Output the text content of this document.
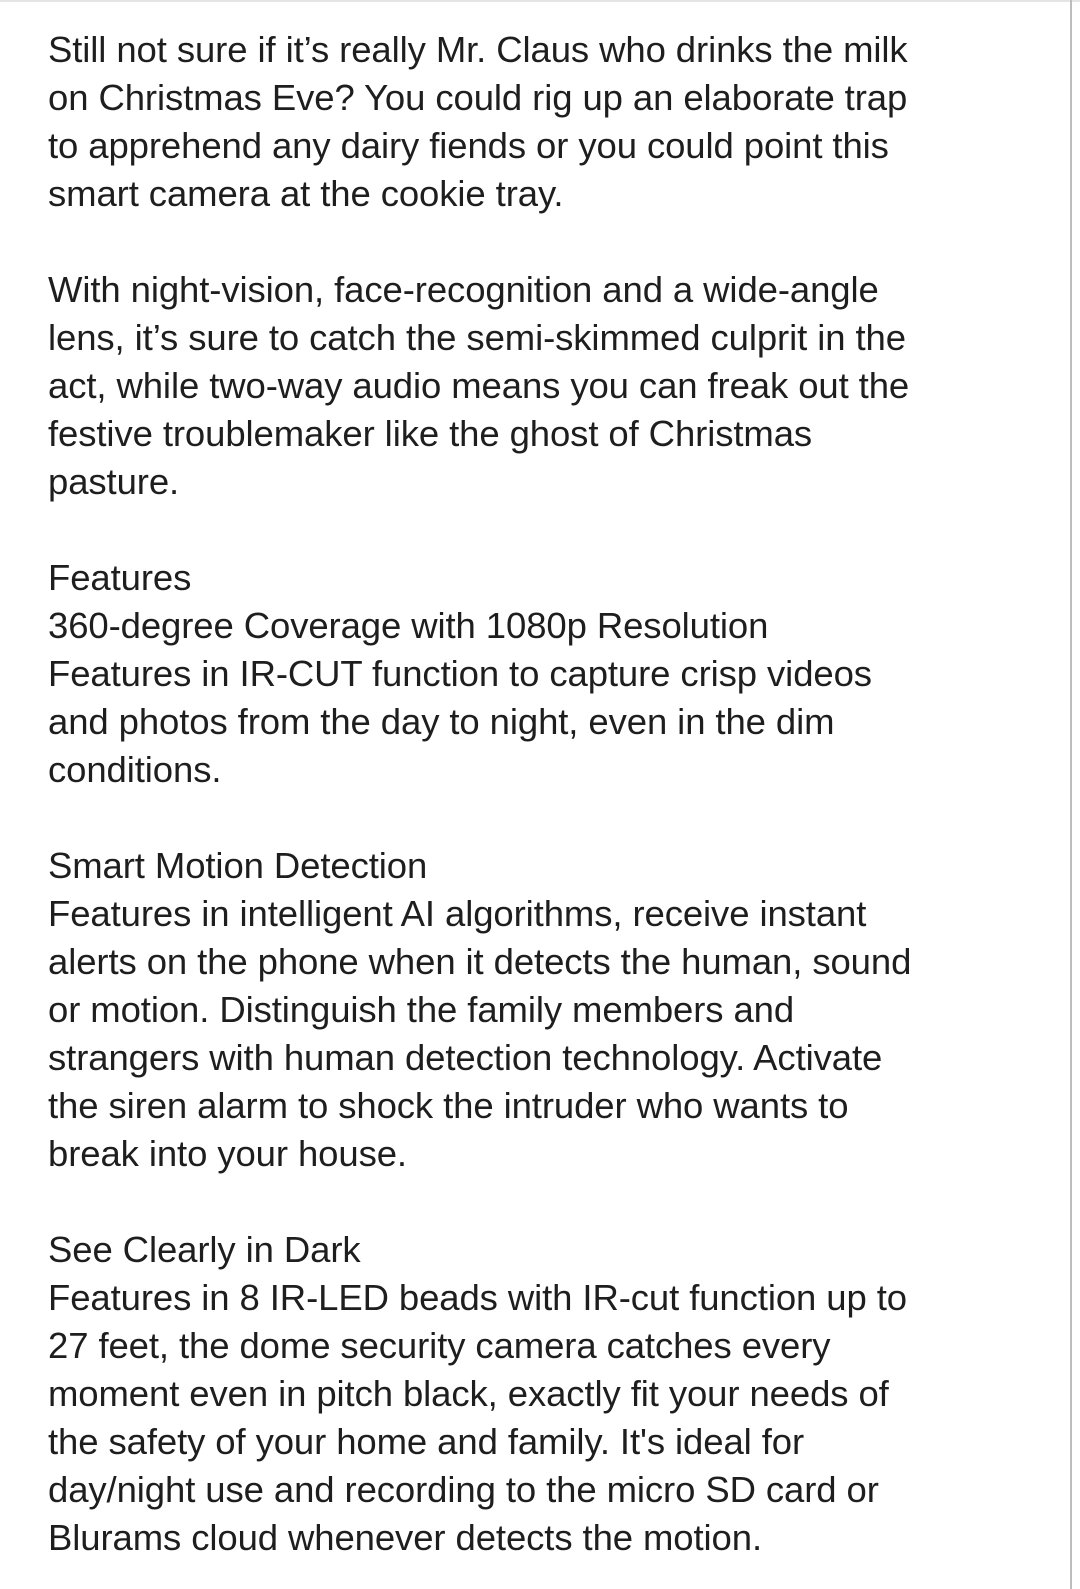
Still not sure if it’s really Mr. Claus who drinks the milk
on Christmas Eve? You could rig up an elaborate trap
to apprehend any dairy fiends or you could point this
smart camera at the cookie tray.

With night-vision, face-recognition and a wide-angle
lens, it’s sure to catch the semi-skimmed culprit in the
act, while two-way audio means you can freak out the
festive troublemaker like the ghost of Christmas
pasture.

Features
360-degree Coverage with 1080p Resolution
Features in IR-CUT function to capture crisp videos
and photos from the day to night, even in the dim
conditions.

Smart Motion Detection
Features in intelligent AI algorithms, receive instant
alerts on the phone when it detects the human, sound
or motion. Distinguish the family members and
strangers with human detection technology. Activate
the siren alarm to shock the intruder who wants to
break into your house.

See Clearly in Dark
Features in 8 IR-LED beads with IR-cut function up to
27 feet, the dome security camera catches every
moment even in pitch black, exactly fit your needs of
the safety of your home and family. It's ideal for
day/night use and recording to the micro SD card or
Blurams cloud whenever detects the motion.
